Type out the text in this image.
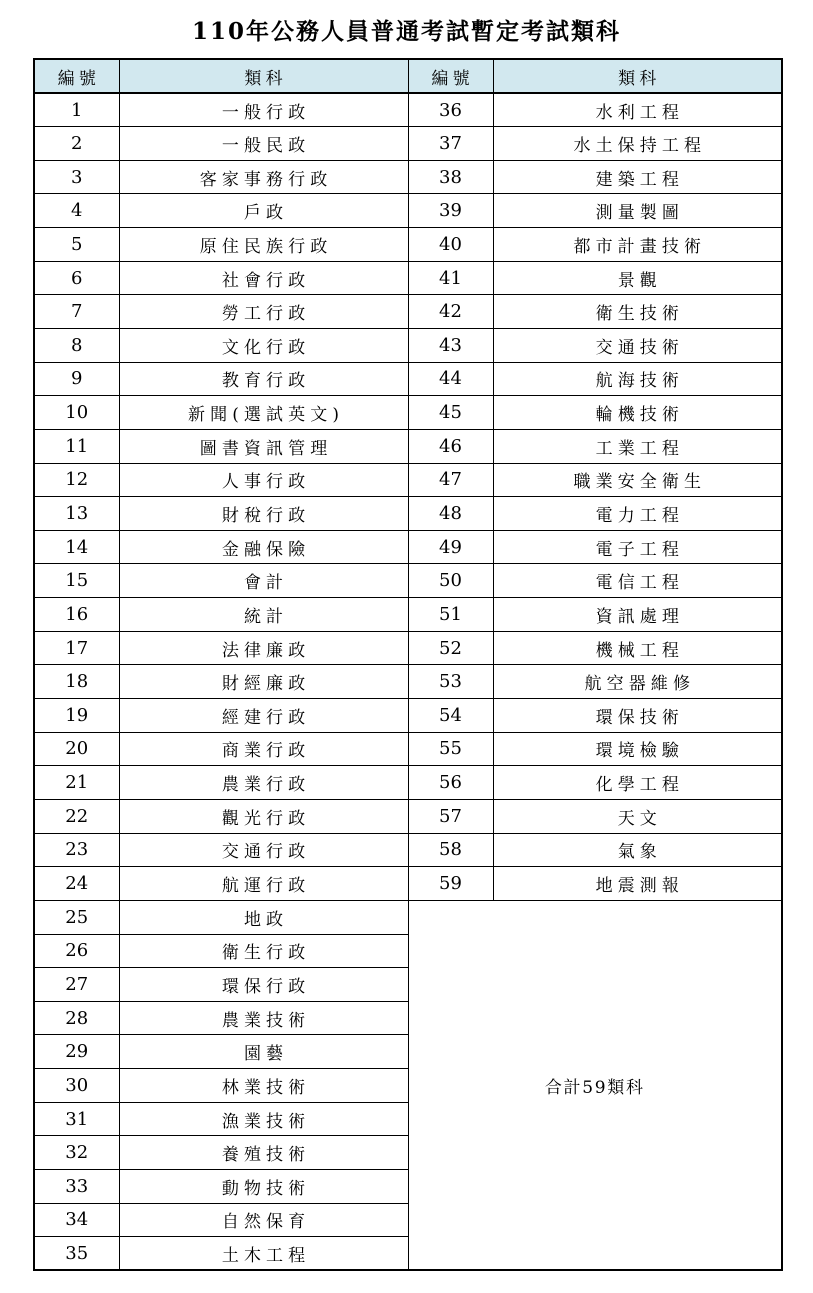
110年公務人員普通考試暫定考試類科
編號	類科	編號	類科
1	一般行政	36	水利工程
2	一般民政	37	水土保持工程
3	客家事務行政	38	建築工程
4	戶政	39	測量製圖
5	原住民族行政	40	都市計畫技術
6	社會行政	41	景觀
7	勞工行政	42	衛生技術
8	文化行政	43	交通技術
9	教育行政	44	航海技術
10	新聞(選試英文)	45	輪機技術
11	圖書資訊管理	46	工業工程
12	人事行政	47	職業安全衛生
13	財稅行政	48	電力工程
14	金融保險	49	電子工程
15	會計	50	電信工程
16	統計	51	資訊處理
17	法律廉政	52	機械工程
18	財經廉政	53	航空器維修
19	經建行政	54	環保技術
20	商業行政	55	環境檢驗
21	農業行政	56	化學工程
22	觀光行政	57	天文
23	交通行政	58	氣象
24	航運行政	59	地震測報
25	地政	合計59類科	
26	衛生行政		
27	環保行政		
28	農業技術		
29	園藝		
30	林業技術		
31	漁業技術		
32	養殖技術		
33	動物技術		
34	自然保育		
35	土木工程		
